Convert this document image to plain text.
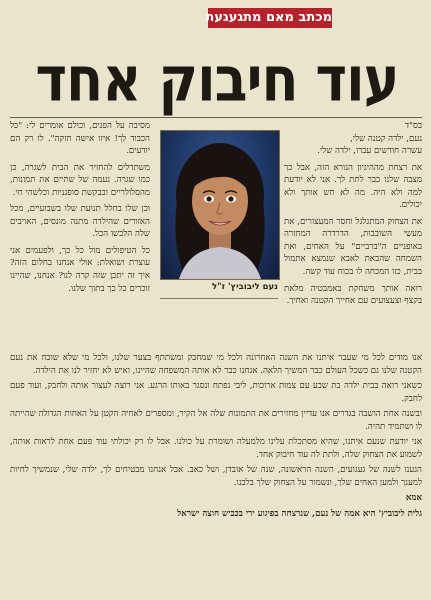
מכתב מאם מתגעגעת
עוד חיבוק אחד

בס"ד

נעם, ילדה קטנה שלי,

עשרה חודשים עברו, ילדה שלי.

את רצחת מההיגיון הנורא הזה, אבל כך מצבה שלנו כבר לתת לך. אני לא יודעת למה ולא היה. מה לא חש אותך ולא יכולים.

את הצחוק המתגלגל וחסר המעצורים, את מעשי השובבות, הדרדרה המחזרה באופניים ה"ברביים" על האחים, ואת השמחה שהבאת לאבא שנמצא אתמול בבית, כזו המכחה לו בכוח עוד קשה.

רואה אותך משחקת באמבטיה מלאת בקצף וצעצועים עם אחייך הקטנה ואחיך.

נעם ליבוביץ' ז"ל

מסיבה על הפנים, וכולם אומרים לי: "כל הכבוד לך! איזו אישה חזקה". לו רק הם יודעים.

משתדלים להחזיר את הבית לשגרה, כן כמו שגרה. נעמה של שתיים את תמונות, מהסלולריים ובבקשת סופגניות וכלשהי חי.

וכן שלו בחלל תנועת שלו בשבועיים, מכל האזורים שהילדה מתנה מונסים, האויבים שלה הלבשו הכל.

כל הטיפולים מול כל כך, ולפעמים אני עוצרת ושואלת: אולי אנחנו בחלום הזה? איך זה יתכן שזה קרה לנו? אנחנו, שהיינו זוכרים כל כך בתוך שלנו.

אנו מודים לכל מי שעבר איתנו את השנה האחרונה ולכל מי שמחבק ומשתתף בצער שלנו, ולכל מי שלא שוכח את נעם הקטנה שלנו גם כשכל העולם כבר המשיך הלאה. אנחנו כבר לא אותה המשפחה שהיינו, ואיש לא יחזיר לנו את הילדה.

כשאני רואה בבית ילדה בת שבע עם צמות ארוכות, ליבי נפתח ונסגר באותו הרגע. אני רוצה לעצור אותה ולחבק, ועוד פעם לחבק.

ובשנה אחת הושבה בגדרים אנו עדיין מחזירים את התמונות שלה אל הקיר, ומספרים לאחיה הקטן על האחות הגדולה שהייתה לו ושתמיד תהיה.

אני יודעת שנעם איתנו, שהיא מסתכלת עלינו מלמעלה ושומרת על כולנו. אבל לו רק יכולתי עוד פעם אחת לראות אותה, לשמוע את הצחוק שלה, ולתת לה עוד חיבוק אחד.

הגענו לשנה של געגועים, השנה הראשונה, שנה של אובדן, ושל כאב. אבל אנחנו מבטיחים לך, ילדה שלי, שנמשיך לחיות למענך ולמען האחים שלך, ונשמור על הצחוק שלך בלבנו.

אמא

גלית ליבוביץ' היא אמה של נעם, שנרצחה בפיגוע ירי בכביש חוצה ישראל
